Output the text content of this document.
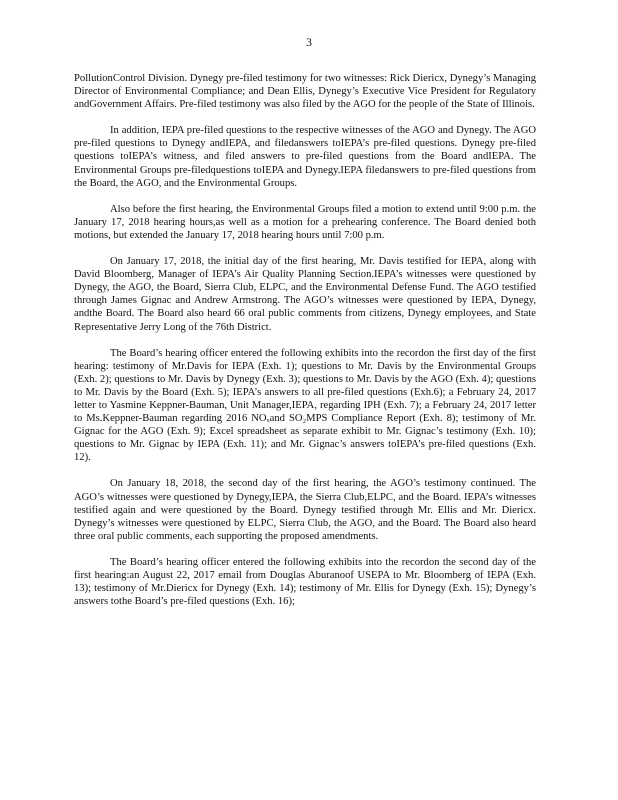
3

PollutionControl Division. Dynegy pre-filed testimony for two witnesses: Rick Diericx, Dynegy’s Managing Director of Environmental Compliance; and Dean Ellis, Dynegy’s Executive Vice President for Regulatory andGovernment Affairs. Pre-filed testimony was also filed by the AGO for the people of the State of Illinois.

In addition, IEPA pre-filed questions to the respective witnesses of the AGO and Dynegy. The AGO pre-filed questions to Dynegy andIEPA, and filedanswers toIEPA’s pre-filed questions. Dynegy pre-filed questions toIEPA’s witness, and filed answers to pre-filed questions from the Board andIEPA. The Environmental Groups pre-filedquestions toIEPA and Dynegy.IEPA filedanswers to pre-filed questions from the Board, the AGO, and the Environmental Groups.

Also before the first hearing, the Environmental Groups filed a motion to extend until 9:00 p.m. the January 17, 2018 hearing hours,as well as a motion for a prehearing conference. The Board denied both motions, but extended the January 17, 2018 hearing hours until 7:00 p.m.

On January 17, 2018, the initial day of the first hearing, Mr. Davis testified for IEPA, along with David Bloomberg, Manager of IEPA’s Air Quality Planning Section.IEPA’s witnesses were questioned by Dynegy, the AGO, the Board, Sierra Club, ELPC, and the Environmental Defense Fund. The AGO testified through James Gignac and Andrew Armstrong. The AGO’s witnesses were questioned by IEPA, Dynegy, andthe Board. The Board also heard 66 oral public comments from citizens, Dynegy employees, and State Representative Jerry Long of the 76th District.

The Board’s hearing officer entered the following exhibits into the recordon the first day of the first hearing: testimony of Mr.Davis for IEPA (Exh. 1); questions to Mr. Davis by the Environmental Groups (Exh. 2); questions to Mr. Davis by Dynegy (Exh. 3); questions to Mr. Davis by the AGO (Exh. 4); questions to Mr. Davis by the Board (Exh. 5); IEPA’s answers to all pre-filed questions (Exh.6); a February 24, 2017 letter to Yasmine Keppner-Bauman, Unit Manager,IEPA, regarding IPH (Exh. 7); a February 24, 2017 letter to Ms.Keppner-Bauman regarding 2016 NOₓand SO₂MPS Compliance Report (Exh. 8); testimony of Mr. Gignac for the AGO (Exh. 9); Excel spreadsheet as separate exhibit to Mr. Gignac’s testimony (Exh. 10); questions to Mr. Gignac by IEPA (Exh. 11); and Mr. Gignac’s answers toIEPA’s pre-filed questions (Exh. 12).

On January 18, 2018, the second day of the first hearing, the AGO’s testimony continued. The AGO’s witnesses were questioned by Dynegy,IEPA, the Sierra Club,ELPC, and the Board. IEPA’s witnesses testified again and were questioned by the Board. Dynegy testified through Mr. Ellis and Mr. Diericx. Dynegy’s witnesses were questioned by ELPC, Sierra Club, the AGO, and the Board. The Board also heard three oral public comments, each supporting the proposed amendments.

The Board’s hearing officer entered the following exhibits into the recordon the second day of the first hearing:an August 22, 2017 email from Douglas Aburanoof USEPA to Mr. Bloomberg of IEPA (Exh. 13); testimony of Mr.Diericx for Dynegy (Exh. 14); testimony of Mr. Ellis for Dynegy (Exh. 15); Dynegy’s answers tothe Board’s pre-filed questions (Exh. 16);
